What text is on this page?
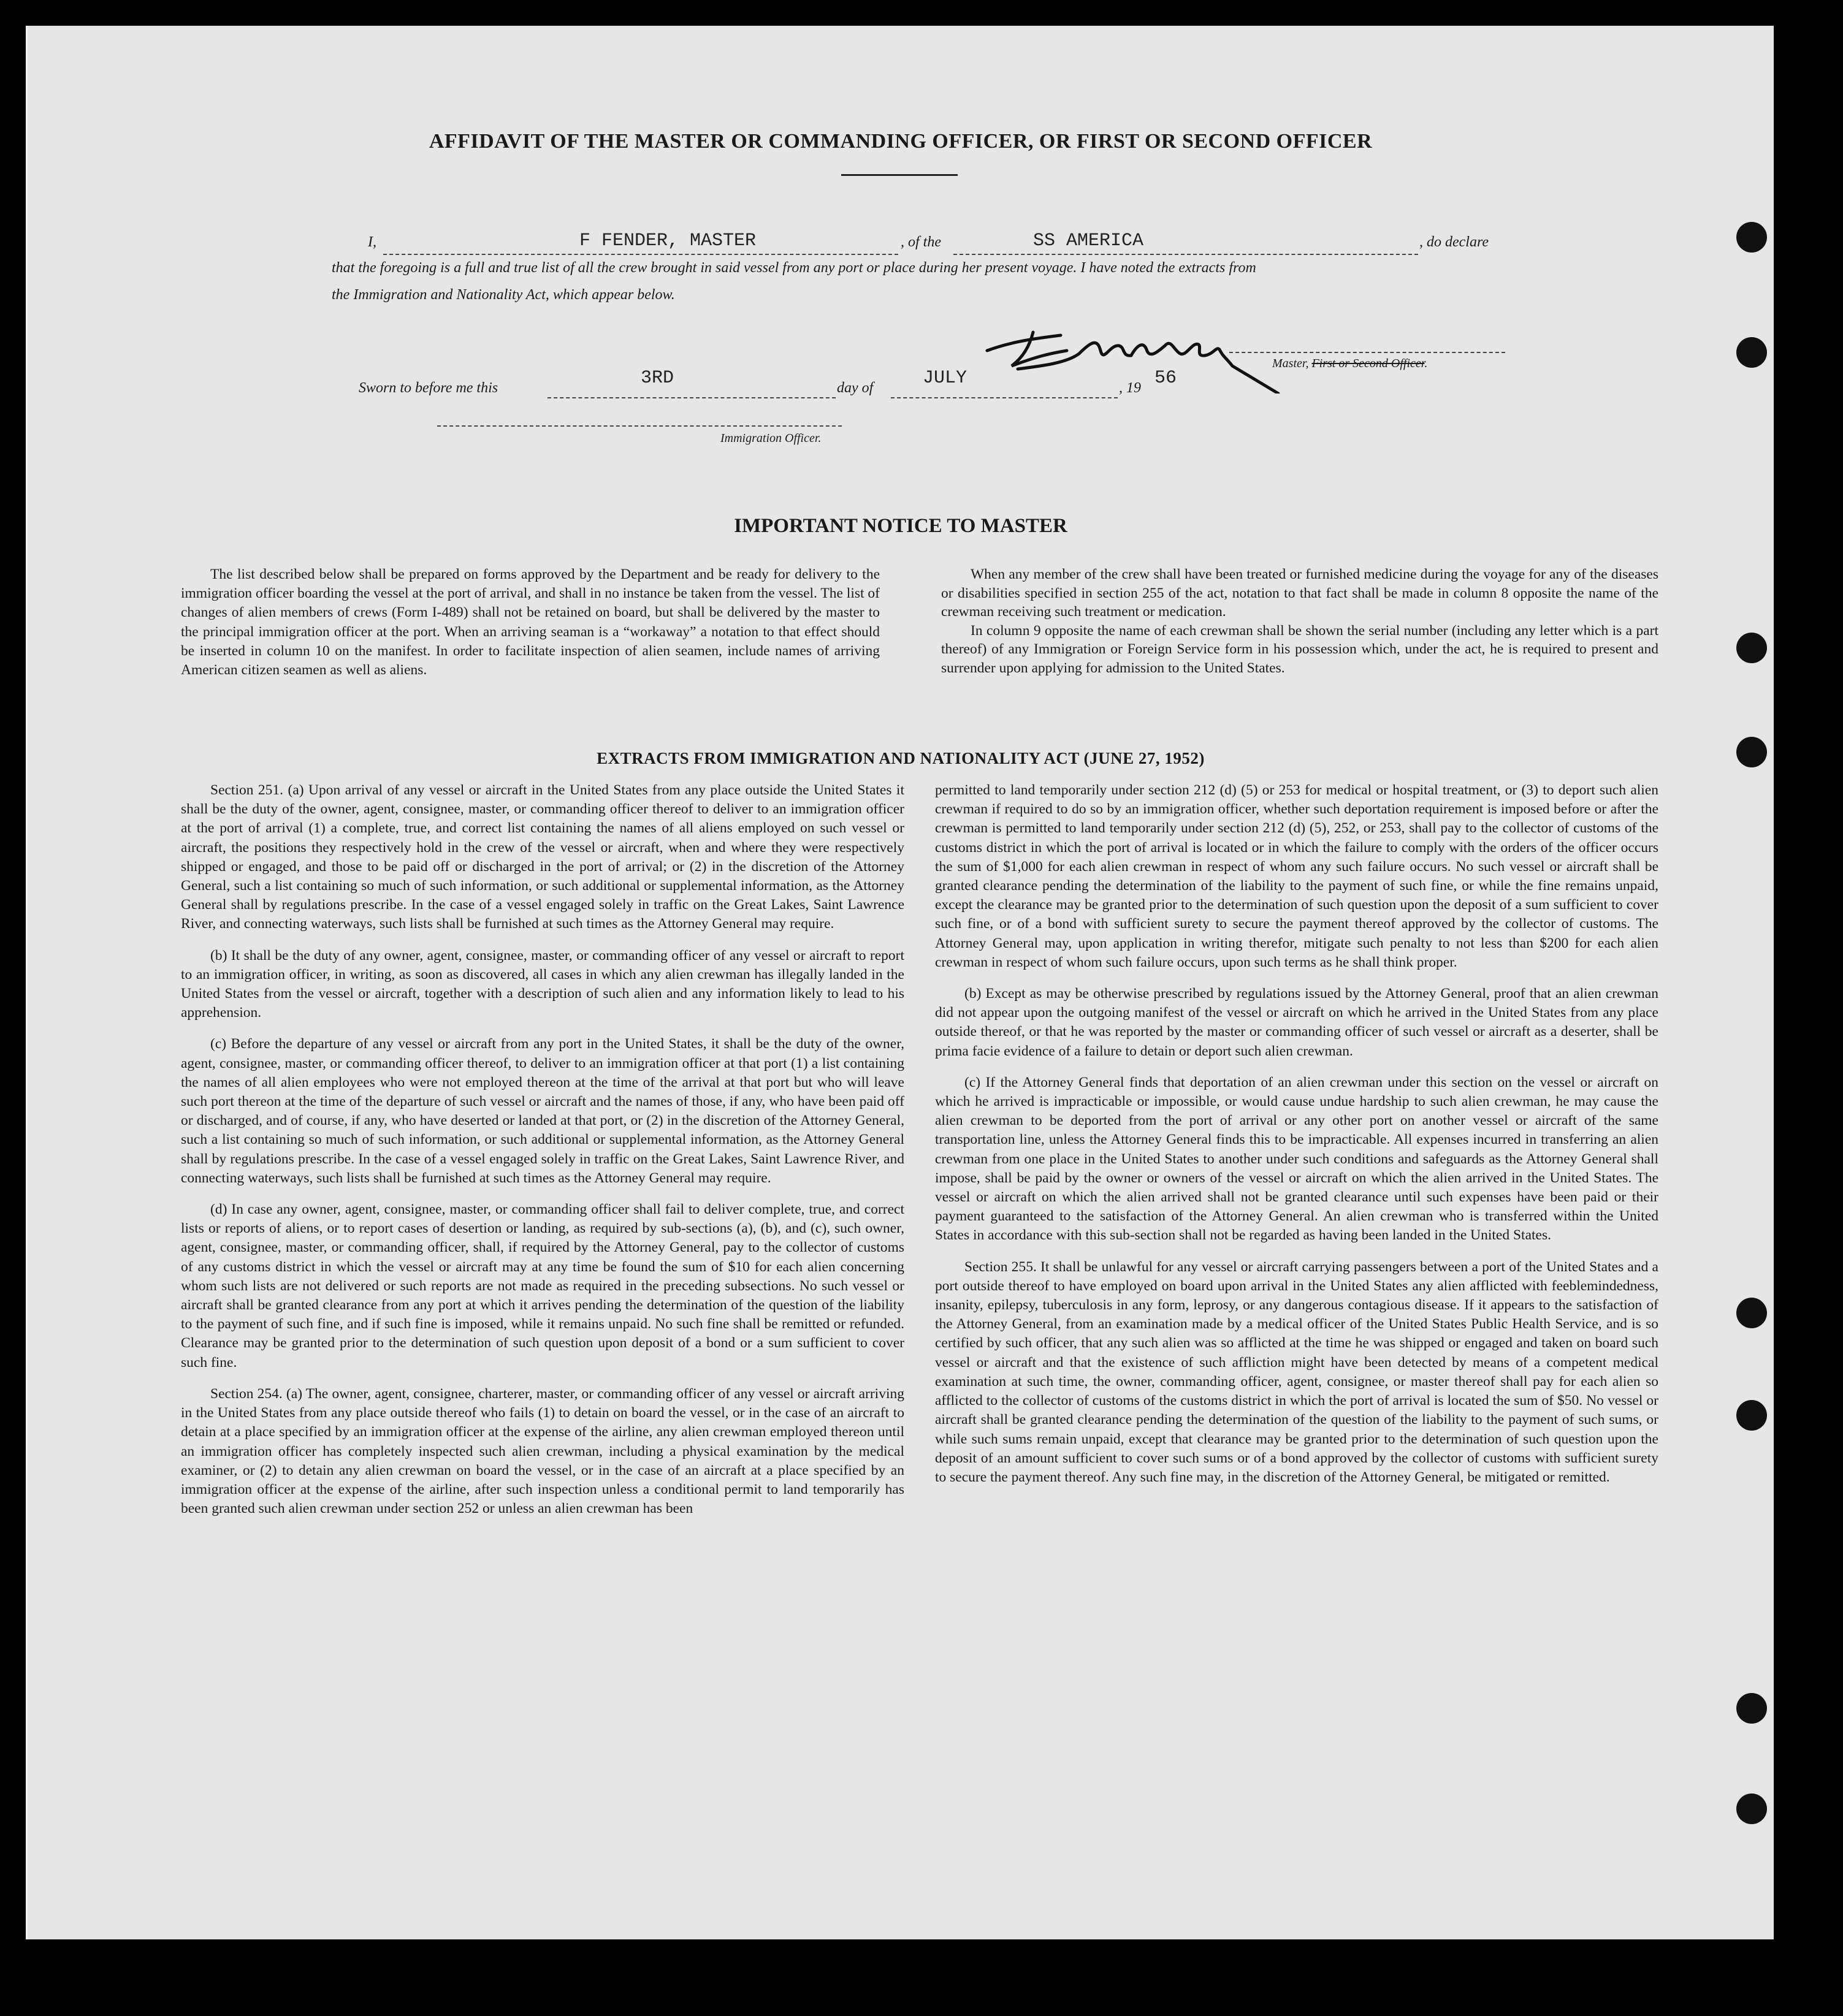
AFFIDAVIT OF THE MASTER OR COMMANDING OFFICER, OR FIRST OR SECOND OFFICER
I,	F FENDER, MASTER	, of the	SS AMERICA	, do declare
that the foregoing is a full and true list of all the crew brought in said vessel from any port or place during her present voyage. I have noted the extracts from
the Immigration and Nationality Act, which appear below.
Master, First or Second Officer.
Sworn to before me this	3RD	day of	JULY	, 19 56
Immigration Officer.
IMPORTANT NOTICE TO MASTER

The list described below shall be prepared on forms approved by the Department and be ready for delivery to the immigration officer boarding the vessel at the port of arrival, and shall in no instance be taken from the vessel. The list of changes of alien members of crews (Form I-489) shall not be retained on board, but shall be delivered by the master to the principal immigration officer at the port. When an arriving seaman is a “workaway” a notation to that effect should be inserted in column 10 on the manifest. In order to facilitate inspection of alien seamen, include names of arriving American citizen seamen as well as aliens.

When any member of the crew shall have been treated or furnished medicine during the voyage for any of the diseases or disabilities specified in section 255 of the act, notation to that fact shall be made in column 8 opposite the name of the crewman receiving such treatment or medication.

In column 9 opposite the name of each crewman shall be shown the serial number (including any letter which is a part thereof) of any Immigration or Foreign Service form in his possession which, under the act, he is required to present and surrender upon applying for admission to the United States.

EXTRACTS FROM IMMIGRATION AND NATIONALITY ACT (JUNE 27, 1952)

Section 251. (a) Upon arrival of any vessel or aircraft in the United States from any place outside the United States it shall be the duty of the owner, agent, consignee, master, or commanding officer thereof to deliver to an immigration officer at the port of arrival (1) a complete, true, and correct list containing the names of all aliens employed on such vessel or aircraft, the positions they respectively hold in the crew of the vessel or aircraft, when and where they were respectively shipped or engaged, and those to be paid off or discharged in the port of arrival; or (2) in the discretion of the Attorney General, such a list containing so much of such information, or such additional or supplemental information, as the Attorney General shall by regulations prescribe. In the case of a vessel engaged solely in traffic on the Great Lakes, Saint Lawrence River, and connecting waterways, such lists shall be furnished at such times as the Attorney General may require.

(b) It shall be the duty of any owner, agent, consignee, master, or commanding officer of any vessel or aircraft to report to an immigration officer, in writing, as soon as discovered, all cases in which any alien crewman has illegally landed in the United States from the vessel or aircraft, together with a description of such alien and any information likely to lead to his apprehension.

(c) Before the departure of any vessel or aircraft from any port in the United States, it shall be the duty of the owner, agent, consignee, master, or commanding officer thereof, to deliver to an immigration officer at that port (1) a list containing the names of all alien employees who were not employed thereon at the time of the arrival at that port but who will leave such port thereon at the time of the departure of such vessel or aircraft and the names of those, if any, who have been paid off or discharged, and of course, if any, who have deserted or landed at that port, or (2) in the discretion of the Attorney General, such a list containing so much of such information, or such additional or supplemental information, as the Attorney General shall by regulations prescribe. In the case of a vessel engaged solely in traffic on the Great Lakes, Saint Lawrence River, and connecting waterways, such lists shall be furnished at such times as the Attorney General may require.

(d) In case any owner, agent, consignee, master, or commanding officer shall fail to deliver complete, true, and correct lists or reports of aliens, or to report cases of desertion or landing, as required by sub-sections (a), (b), and (c), such owner, agent, consignee, master, or commanding officer, shall, if required by the Attorney General, pay to the collector of customs of any customs district in which the vessel or aircraft may at any time be found the sum of $10 for each alien concerning whom such lists are not delivered or such reports are not made as required in the preceding subsections. No such vessel or aircraft shall be granted clearance from any port at which it arrives pending the determination of the question of the liability to the payment of such fine, and if such fine is imposed, while it remains unpaid. No such fine shall be remitted or refunded. Clearance may be granted prior to the determination of such question upon deposit of a bond or a sum sufficient to cover such fine.

Section 254. (a) The owner, agent, consignee, charterer, master, or commanding officer of any vessel or aircraft arriving in the United States from any place outside thereof who fails (1) to detain on board the vessel, or in the case of an aircraft to detain at a place specified by an immigration officer at the expense of the airline, any alien crewman employed thereon until an immigration officer has completely inspected such alien crewman, including a physical examination by the medical examiner, or (2) to detain any alien crewman on board the vessel, or in the case of an aircraft at a place specified by an immigration officer at the expense of the airline, after such inspection unless a conditional permit to land temporarily has been granted such alien crewman under section 252 or unless an alien crewman has been

permitted to land temporarily under section 212 (d) (5) or 253 for medical or hospital treatment, or (3) to deport such alien crewman if required to do so by an immigration officer, whether such deportation requirement is imposed before or after the crewman is permitted to land temporarily under section 212 (d) (5), 252, or 253, shall pay to the collector of customs of the customs district in which the port of arrival is located or in which the failure to comply with the orders of the officer occurs the sum of $1,000 for each alien crewman in respect of whom any such failure occurs. No such vessel or aircraft shall be granted clearance pending the determination of the liability to the payment of such fine, or while the fine remains unpaid, except the clearance may be granted prior to the determination of such question upon the deposit of a sum sufficient to cover such fine, or of a bond with sufficient surety to secure the payment thereof approved by the collector of customs. The Attorney General may, upon application in writing therefor, mitigate such penalty to not less than $200 for each alien crewman in respect of whom such failure occurs, upon such terms as he shall think proper.

(b) Except as may be otherwise prescribed by regulations issued by the Attorney General, proof that an alien crewman did not appear upon the outgoing manifest of the vessel or aircraft on which he arrived in the United States from any place outside thereof, or that he was reported by the master or commanding officer of such vessel or aircraft as a deserter, shall be prima facie evidence of a failure to detain or deport such alien crewman.

(c) If the Attorney General finds that deportation of an alien crewman under this section on the vessel or aircraft on which he arrived is impracticable or impossible, or would cause undue hardship to such alien crewman, he may cause the alien crewman to be deported from the port of arrival or any other port on another vessel or aircraft of the same transportation line, unless the Attorney General finds this to be impracticable. All expenses incurred in transferring an alien crewman from one place in the United States to another under such conditions and safeguards as the Attorney General shall impose, shall be paid by the owner or owners of the vessel or aircraft on which the alien arrived in the United States. The vessel or aircraft on which the alien arrived shall not be granted clearance until such expenses have been paid or their payment guaranteed to the satisfaction of the Attorney General. An alien crewman who is transferred within the United States in accordance with this sub-section shall not be regarded as having been landed in the United States.

Section 255. It shall be unlawful for any vessel or aircraft carrying passengers between a port of the United States and a port outside thereof to have employed on board upon arrival in the United States any alien afflicted with feeblemindedness, insanity, epilepsy, tuberculosis in any form, leprosy, or any dangerous contagious disease. If it appears to the satisfaction of the Attorney General, from an examination made by a medical officer of the United States Public Health Service, and is so certified by such officer, that any such alien was so afflicted at the time he was shipped or engaged and taken on board such vessel or aircraft and that the existence of such affliction might have been detected by means of a competent medical examination at such time, the owner, commanding officer, agent, consignee, or master thereof shall pay for each alien so afflicted to the collector of customs of the customs district in which the port of arrival is located the sum of $50. No vessel or aircraft shall be granted clearance pending the determination of the question of the liability to the payment of such sums, or while such sums remain unpaid, except that clearance may be granted prior to the determination of such question upon the deposit of an amount sufficient to cover such sums or of a bond approved by the collector of customs with sufficient surety to secure the payment thereof. Any such fine may, in the discretion of the Attorney General, be mitigated or remitted.
